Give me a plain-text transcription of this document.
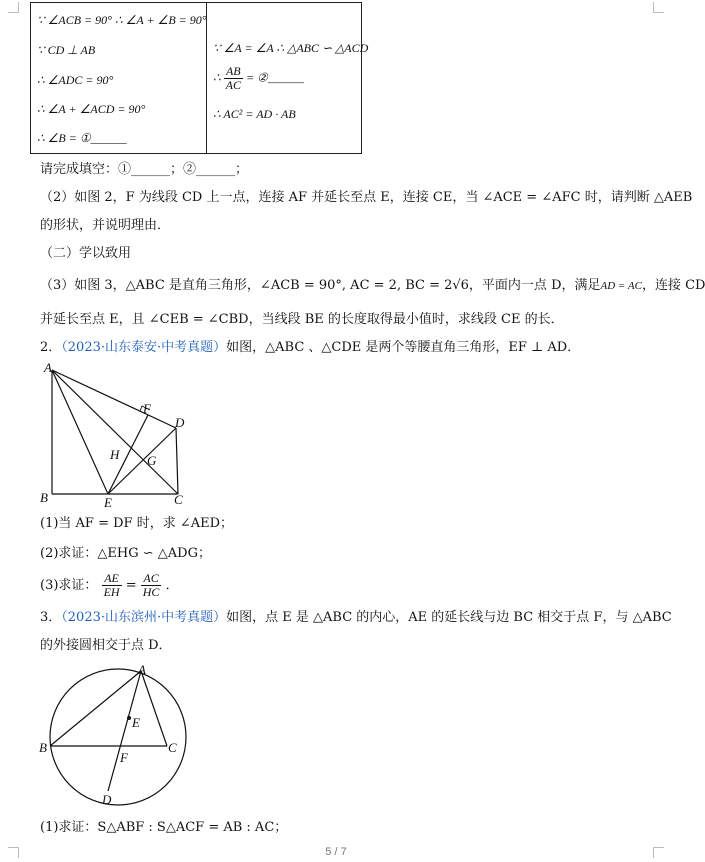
∵ ∠ACB = 90° ∴ ∠A + ∠B = 90°
∵ CD ⊥ AB
∴ ∠ADC = 90°
∴ ∠A + ∠ACD = 90°
∴ ∠B = ①______

∵ ∠A = ∠A ∴ △ABC ∽ △ACD
∴ $\frac{AB}{AC}$ = ②______
∴ AC² = AD · AB
请完成填空：①______；②______；
（2）如图 2，F 为线段 CD 上一点，连接 AF 并延长至点 E，连接 CE，当 ∠ACE = ∠AFC 时，请判断 △AEB
的形状，并说明理由．
（二）学以致用
（3）如图 3，△ABC 是直角三角形，∠ACB = 90°, AC = 2, BC = 2√6，平面内一点 D，满足AD = AC，连接 CD
并延长至点 E，且 ∠CEB = ∠CBD，当线段 BE 的长度取得最小值时，求线段 CE 的长．
2．（2023·山东泰安·中考真题）如图，△ABC 、△CDE 是两个等腰直角三角形，EF ⊥ AD．
A
B	C
D
E
F
G
H
(1)当 AF = DF 时，求 ∠AED；
(2)求证：△EHG ∽ △ADG；
(3)求证： $\frac{AE}{EH} = \frac{AC}{HC}$ ．
3．（2023·山东滨州·中考真题）如图，点 E 是 △ABC 的内心，AE 的延长线与边 BC 相交于点 F，与 △ABC
的外接圆相交于点 D．
A
B	C
D
E
F
(1)求证：S△ABF : S△ACF = AB : AC；
5 / 7
